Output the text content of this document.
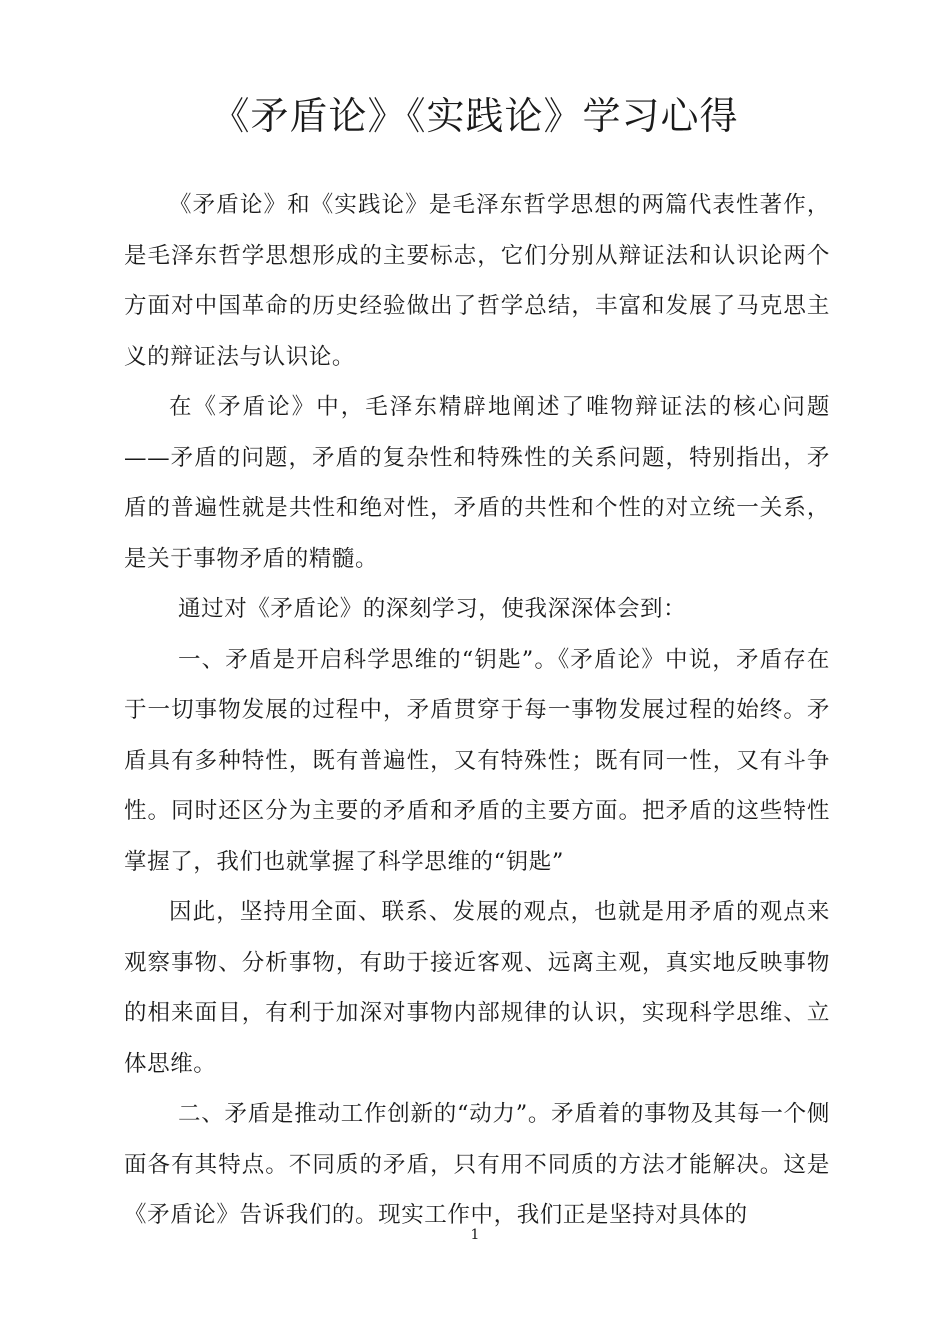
《矛盾论》《实践论》学习心得

《矛盾论》和《实践论》是毛泽东哲学思想的两篇代表性著作，是毛泽东哲学思想形成的主要标志，它们分别从辩证法和认识论两个方面对中国革命的历史经验做出了哲学总结，丰富和发展了马克思主义的辩证法与认识论。

在《矛盾论》中，毛泽东精辟地阐述了唯物辩证法的核心问题——矛盾的问题，矛盾的复杂性和特殊性的关系问题，特别指出，矛盾的普遍性就是共性和绝对性，矛盾的共性和个性的对立统一关系，是关于事物矛盾的精髓。

通过对《矛盾论》的深刻学习，使我深深体会到：

一、矛盾是开启科学思维的“钥匙”。《矛盾论》中说，矛盾存在于一切事物发展的过程中，矛盾贯穿于每一事物发展过程的始终。矛盾具有多种特性，既有普遍性，又有特殊性；既有同一性，又有斗争性。同时还区分为主要的矛盾和矛盾的主要方面。把矛盾的这些特性掌握了，我们也就掌握了科学思维的“钥匙”

因此，坚持用全面、联系、发展的观点，也就是用矛盾的观点来观察事物、分析事物，有助于接近客观、远离主观，真实地反映事物的相来面目，有利于加深对事物内部规律的认识，实现科学思维、立体思维。

二、矛盾是推动工作创新的“动力”。矛盾着的事物及其每一个侧面各有其特点。不同质的矛盾，只有用不同质的方法才能解决。这是《矛盾论》告诉我们的。现实工作中，我们正是坚持对具体的

1
